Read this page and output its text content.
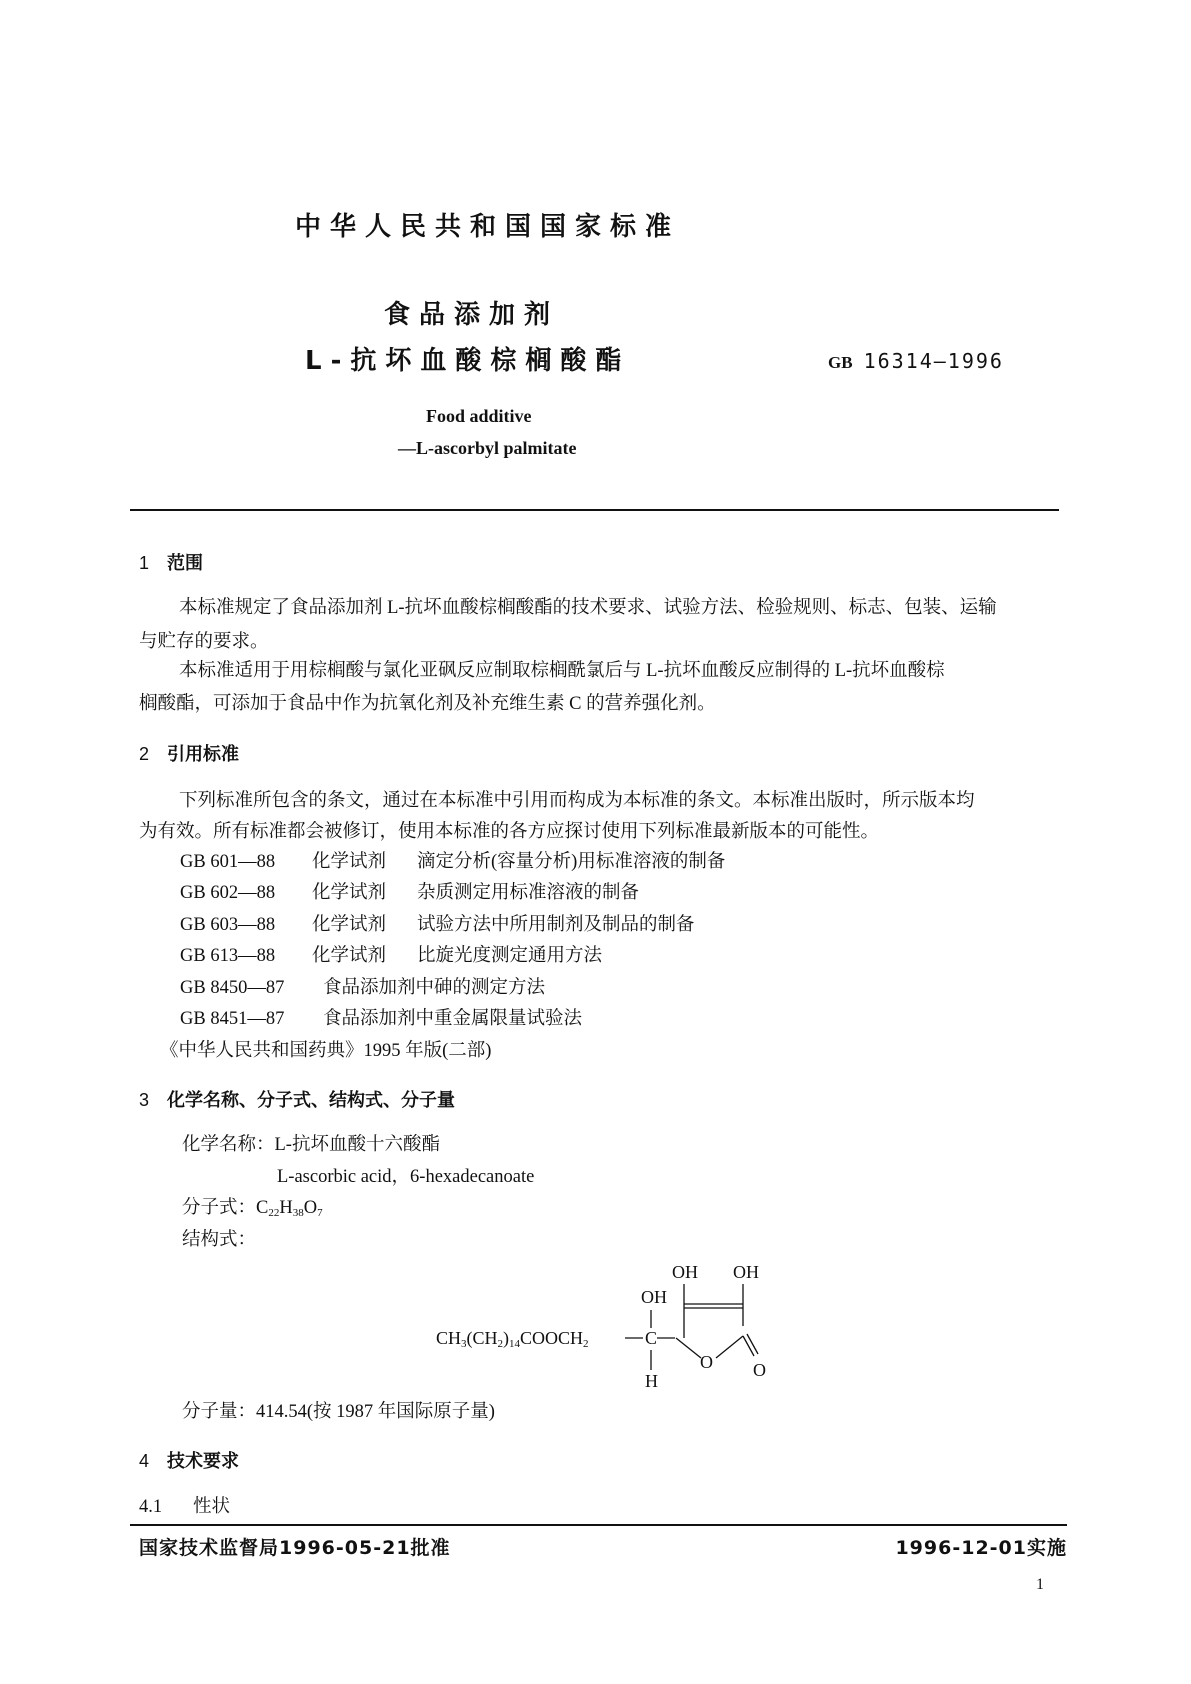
中华人民共和国国家标准
食品添加剂
L-抗坏血酸棕榈酸酯	GB 16314—1996
Food additive
—L-ascorbyl palmitate
1 范围
本标准规定了食品添加剂 L-抗坏血酸棕榈酸酯的技术要求、试验方法、检验规则、标志、包装、运输
与贮存的要求。
本标准适用于用棕榈酸与氯化亚砜反应制取棕榈酰氯后与 L-抗坏血酸反应制得的 L-抗坏血酸棕
榈酸酯，可添加于食品中作为抗氧化剂及补充维生素 C 的营养强化剂。
2 引用标准
下列标准所包含的条文，通过在本标准中引用而构成为本标准的条文。本标准出版时，所示版本均
为有效。所有标准都会被修订，使用本标准的各方应探讨使用下列标准最新版本的可能性。
GB 601—88 化学试剂 滴定分析(容量分析)用标准溶液的制备
GB 602—88 化学试剂 杂质测定用标准溶液的制备
GB 603—88 化学试剂 试验方法中所用制剂及制品的制备
GB 613—88 化学试剂 比旋光度测定通用方法
GB 8450—87 食品添加剂中砷的测定方法
GB 8451—87 食品添加剂中重金属限量试验法
《中华人民共和国药典》1995 年版(二部)
3 化学名称、分子式、结构式、分子量
化学名称：L-抗坏血酸十六酸酯
L-ascorbic acid，6-hexadecanoate
分子式：$C_{22}H_{38}O_7$
结构式：
OH OH
OH
$CH_3(CH_2)_{14}COOCH_2$	C
H
O O
分子量：414.54(按 1987 年国际原子量)
4 技术要求
4.1 性状
国家技术监督局1996-05-21批准	1996-12-01实施
1
